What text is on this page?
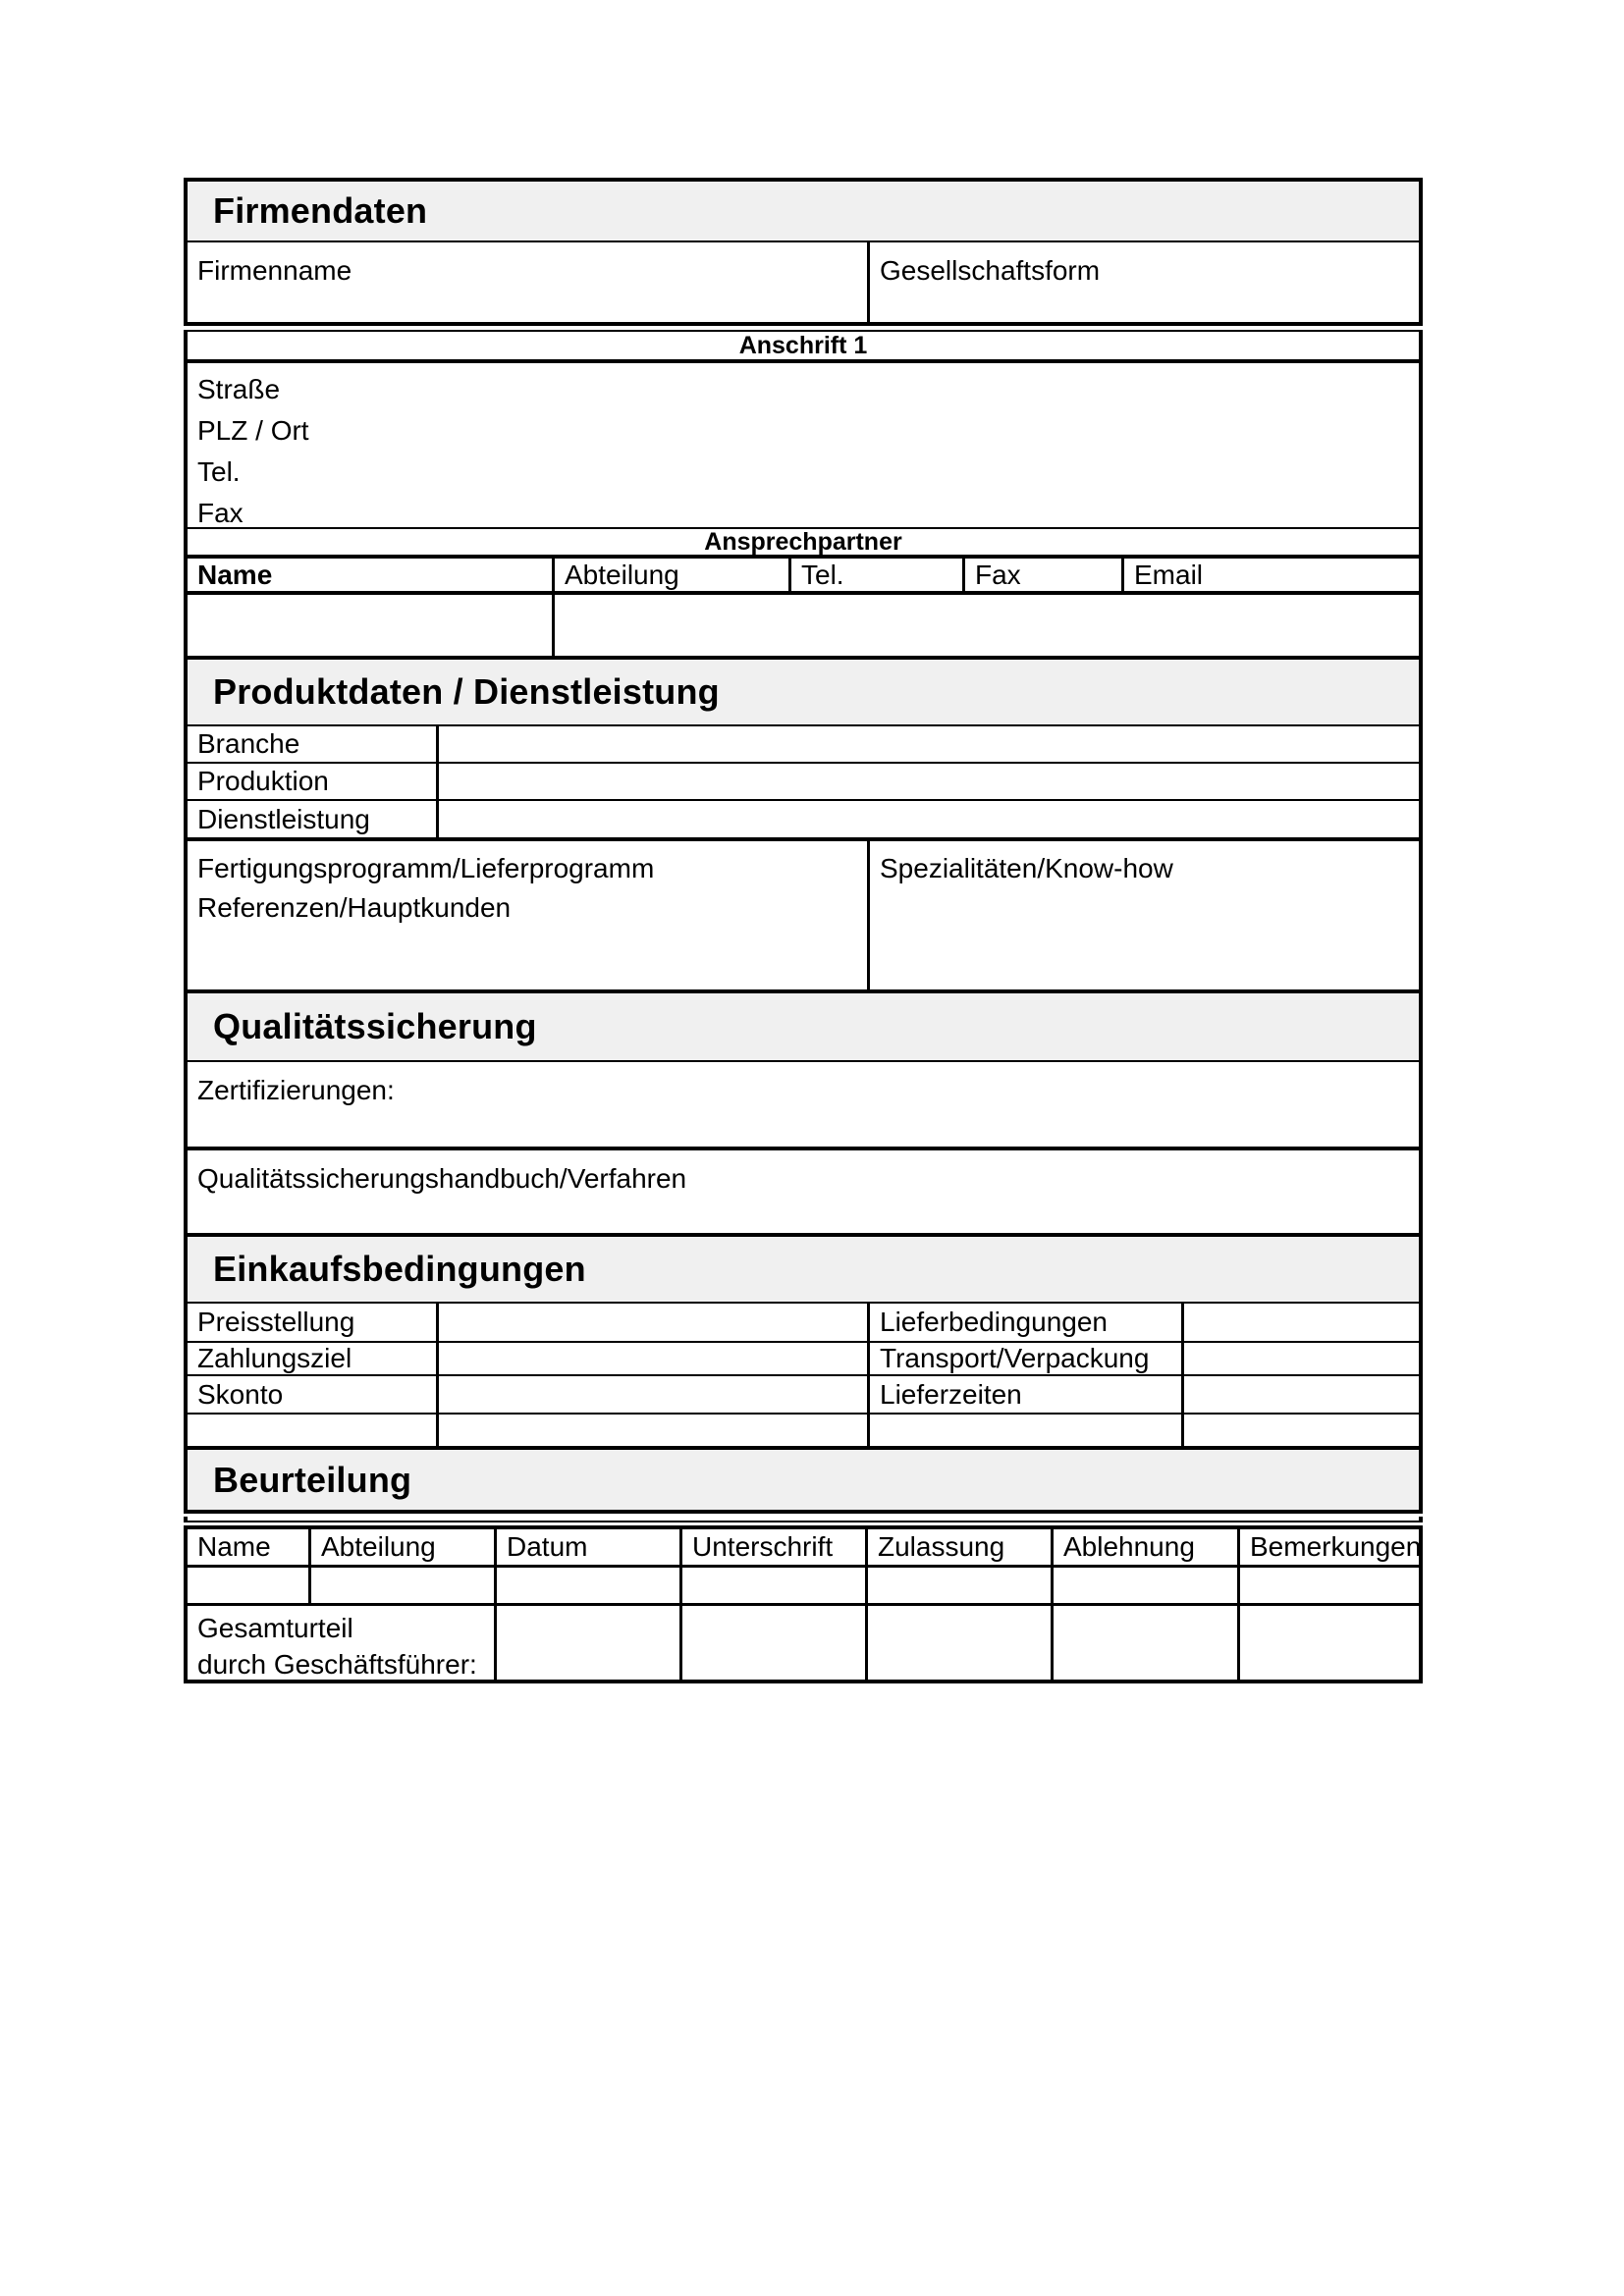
Firmendaten
Firmenname	Gesellschaftsform
Anschrift 1
Straße
PLZ / Ort
Tel.
Fax
Ansprechpartner
Name	Abteilung	Tel.	Fax	Email
Produktdaten / Dienstleistung
Branche
Produktion
Dienstleistung
Fertigungsprogramm/Lieferprogramm
Referenzen/Hauptkunden
Spezialitäten/Know-how
Qualitätssicherung
Zertifizierungen:
Qualitätssicherungshandbuch/Verfahren
Einkaufsbedingungen
Preisstellung	Lieferbedingungen
Zahlungsziel	Transport/Verpackung
Skonto	Lieferzeiten
Beurteilung
Name	Abteilung	Datum	Unterschrift	Zulassung	Ablehnung	Bemerkungen
Gesamturteil
durch Geschäftsführer:
